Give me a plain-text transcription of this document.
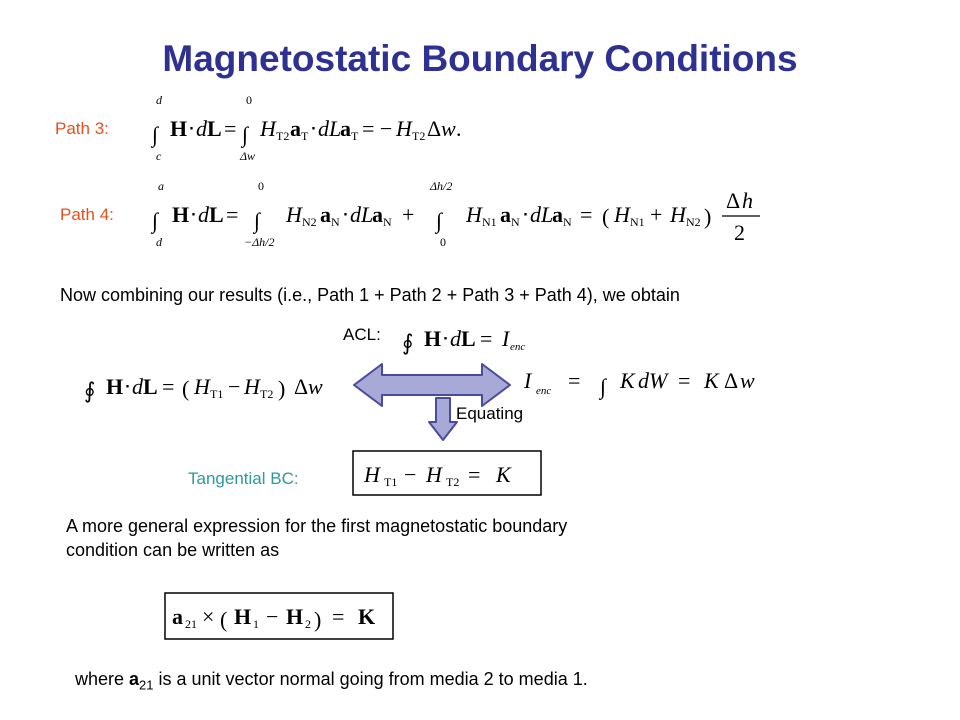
Magnetostatic Boundary Conditions
Path 3:
d
∫
c
H ⋅ d L =
0
∫
Δw
H T2 a T ⋅ dL
a T = − H T2 Δ w .
Path 4:
a
∫
d
H ⋅ d L =
0
∫
−Δh/2
H N2 a N ⋅ dL
a N +
Δh/2
∫
0
H N1 a N ⋅ dL
a N = ( H N1 + H N2 )
Δ h
2
Now combining our results (i.e., Path 1 + Path 2 + Path 3 + Path 4), we obtain
ACL: ∮ H ⋅ d L = I enc
∮ H ⋅ d L = ( H T1 − H T2 ) Δ w	I enc = ∫ K dW = K Δ w
Equating
Tangential BC:	H T1 − H T2 = K
A more general expression for the first magnetostatic boundary
condition can be written as
a 21 × ( H 1 − H 2 ) = K
where $a_{21}$ is a unit vector normal going from media 2 to media 1.
